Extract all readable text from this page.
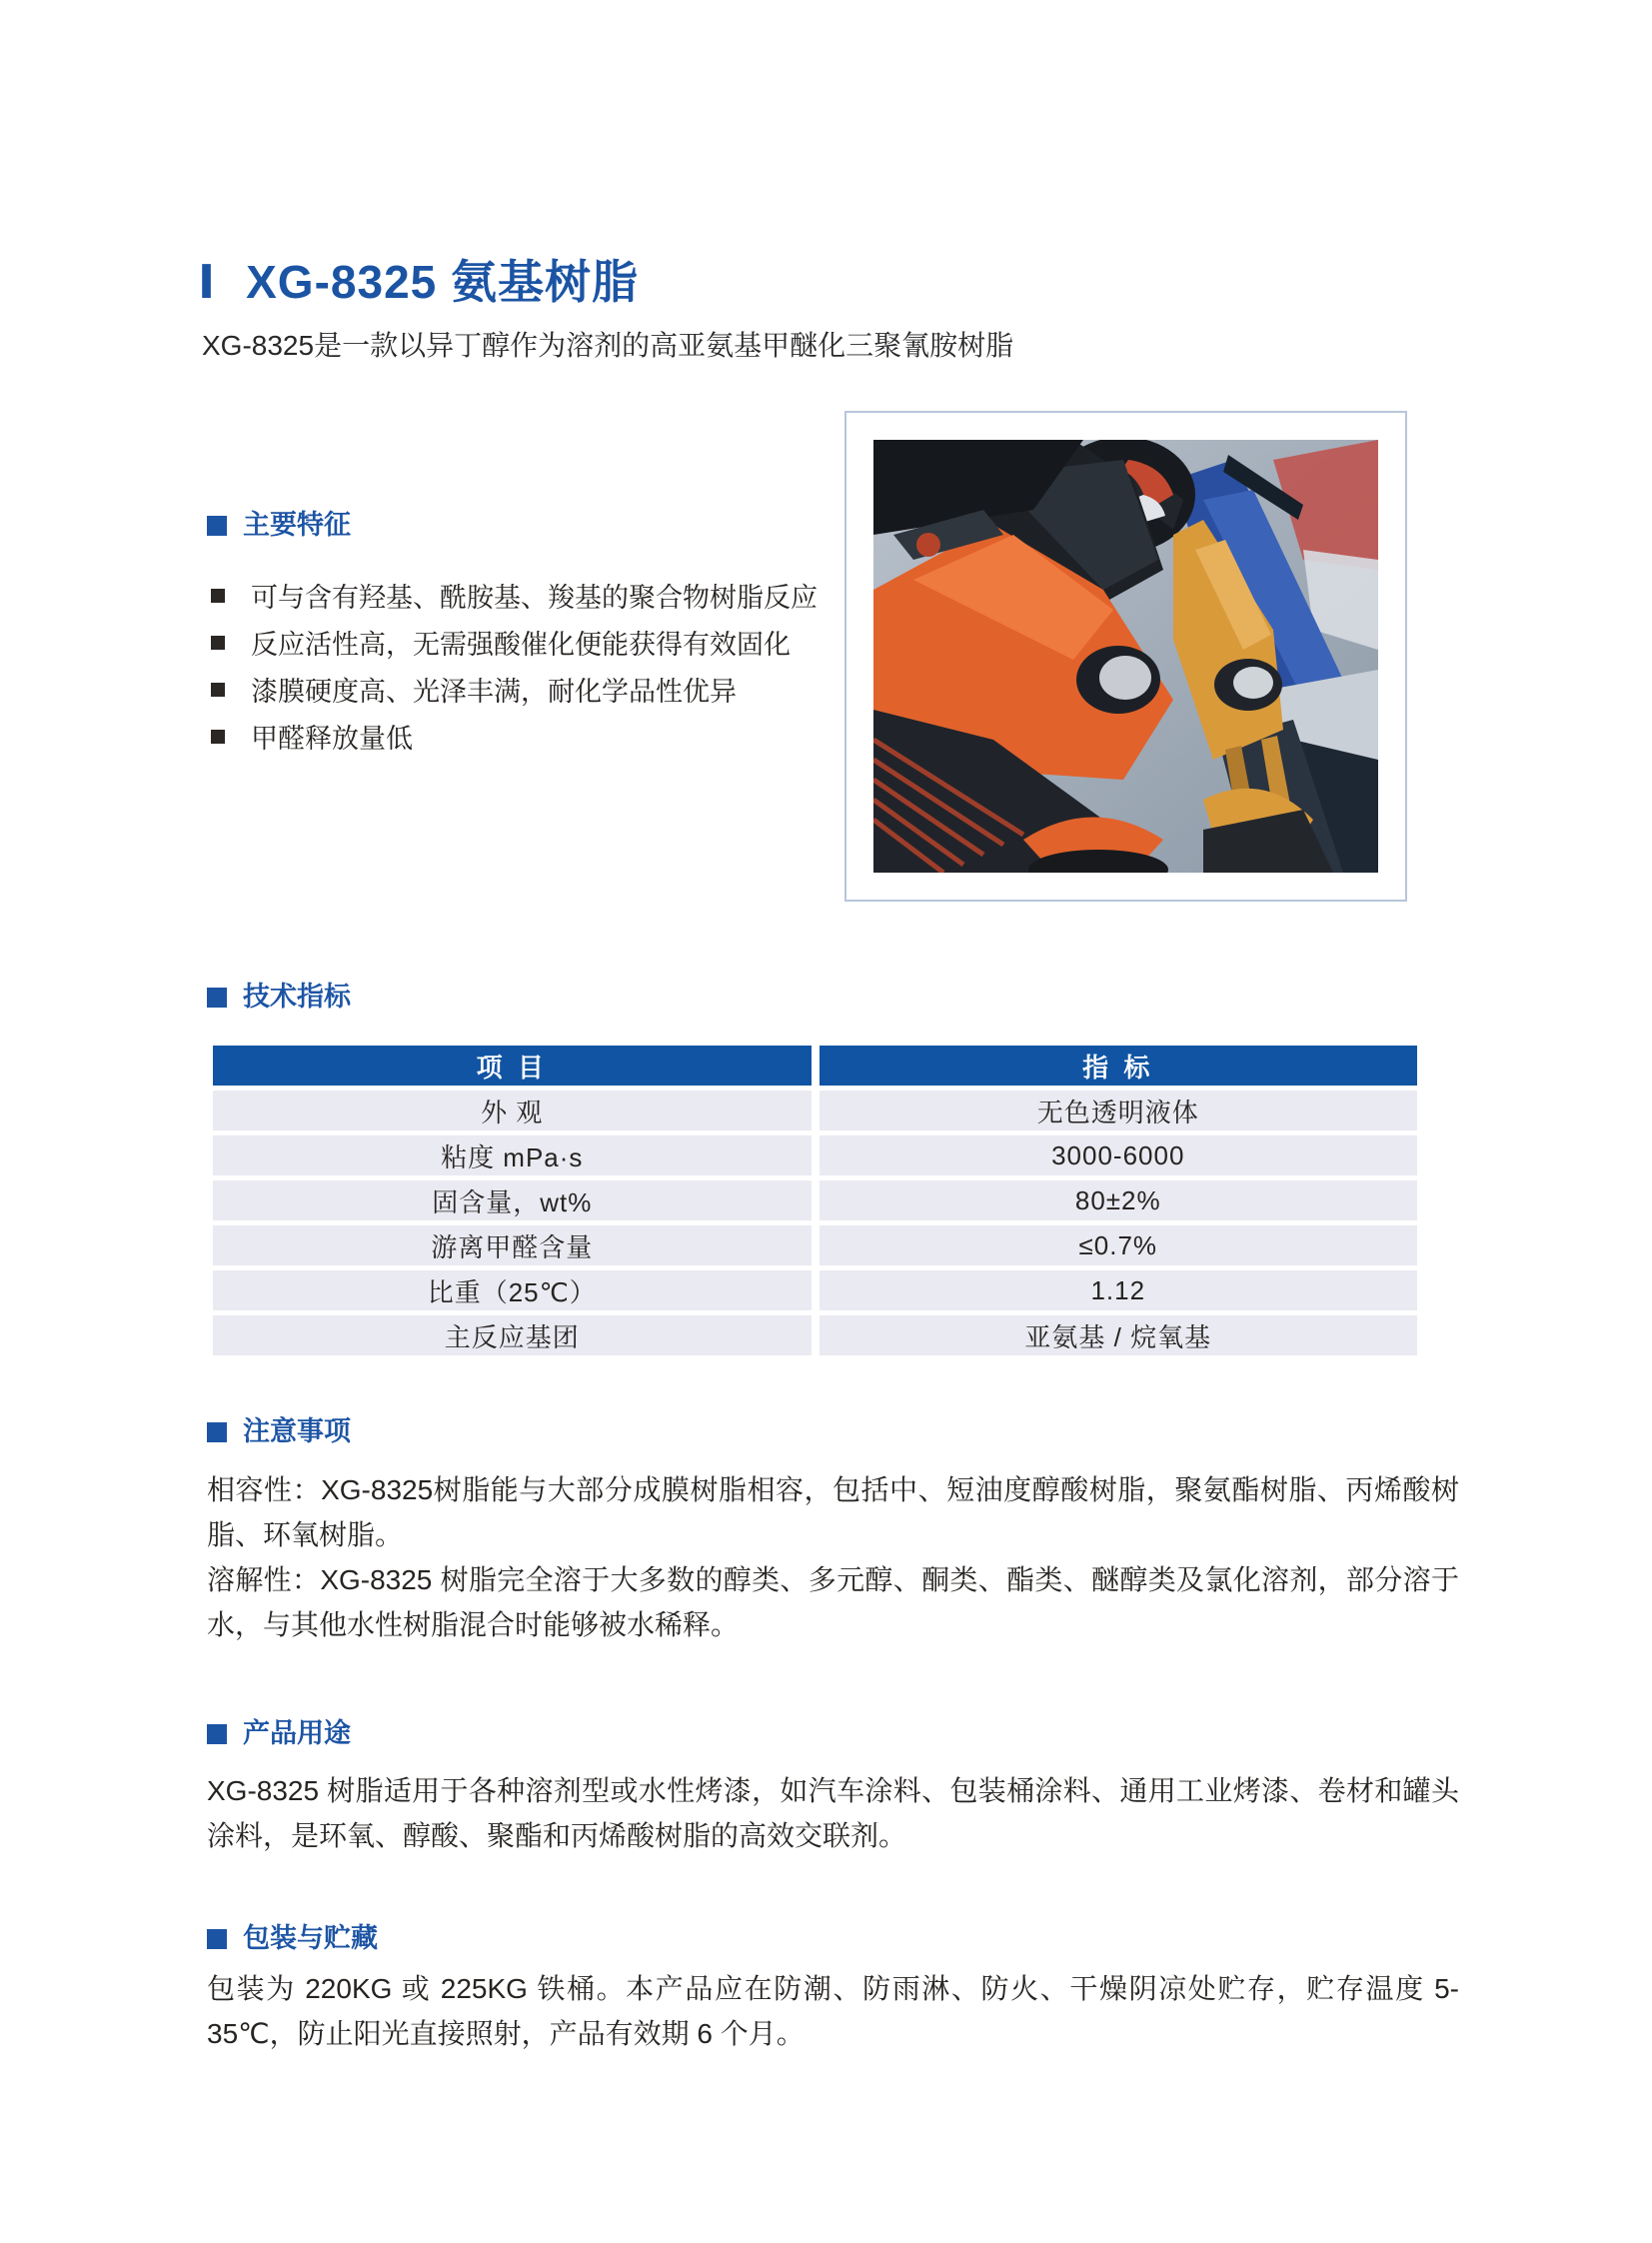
Ⅰ XG-8325 氨基树脂

XG-8325是一款以异丁醇作为溶剂的高亚氨基甲醚化三聚氰胺树脂

主要特征
可与含有羟基、酰胺基、羧基的聚合物树脂反应
反应活性高，无需强酸催化便能获得有效固化
漆膜硬度高、光泽丰满，耐化学品性优异
甲醛释放量低
技术指标
项 目	指 标
外 观	无色透明液体
粘度 mPa·s	3000-6000
固含量，wt%	80±2%
游离甲醛含量	≤0.7%
比重（25℃）	1.12
主反应基团	亚氨基 / 烷氧基
注意事项

相容性：XG-8325树脂能与大部分成膜树脂相容，包括中、短油度醇酸树脂，聚氨酯树脂、丙烯酸树脂、环氧树脂。

溶解性：XG-8325 树脂完全溶于大多数的醇类、多元醇、酮类、酯类、醚醇类及氯化溶剂，部分溶于水，与其他水性树脂混合时能够被水稀释。

产品用途

XG-8325 树脂适用于各种溶剂型或水性烤漆，如汽车涂料、包装桶涂料、通用工业烤漆、卷材和罐头涂料，是环氧、醇酸、聚酯和丙烯酸树脂的高效交联剂。

包装与贮藏

包装为 220KG 或 225KG 铁桶。本产品应在防潮、防雨淋、防火、干燥阴凉处贮存，贮存温度 5-35℃，防止阳光直接照射，产品有效期 6 个月。
